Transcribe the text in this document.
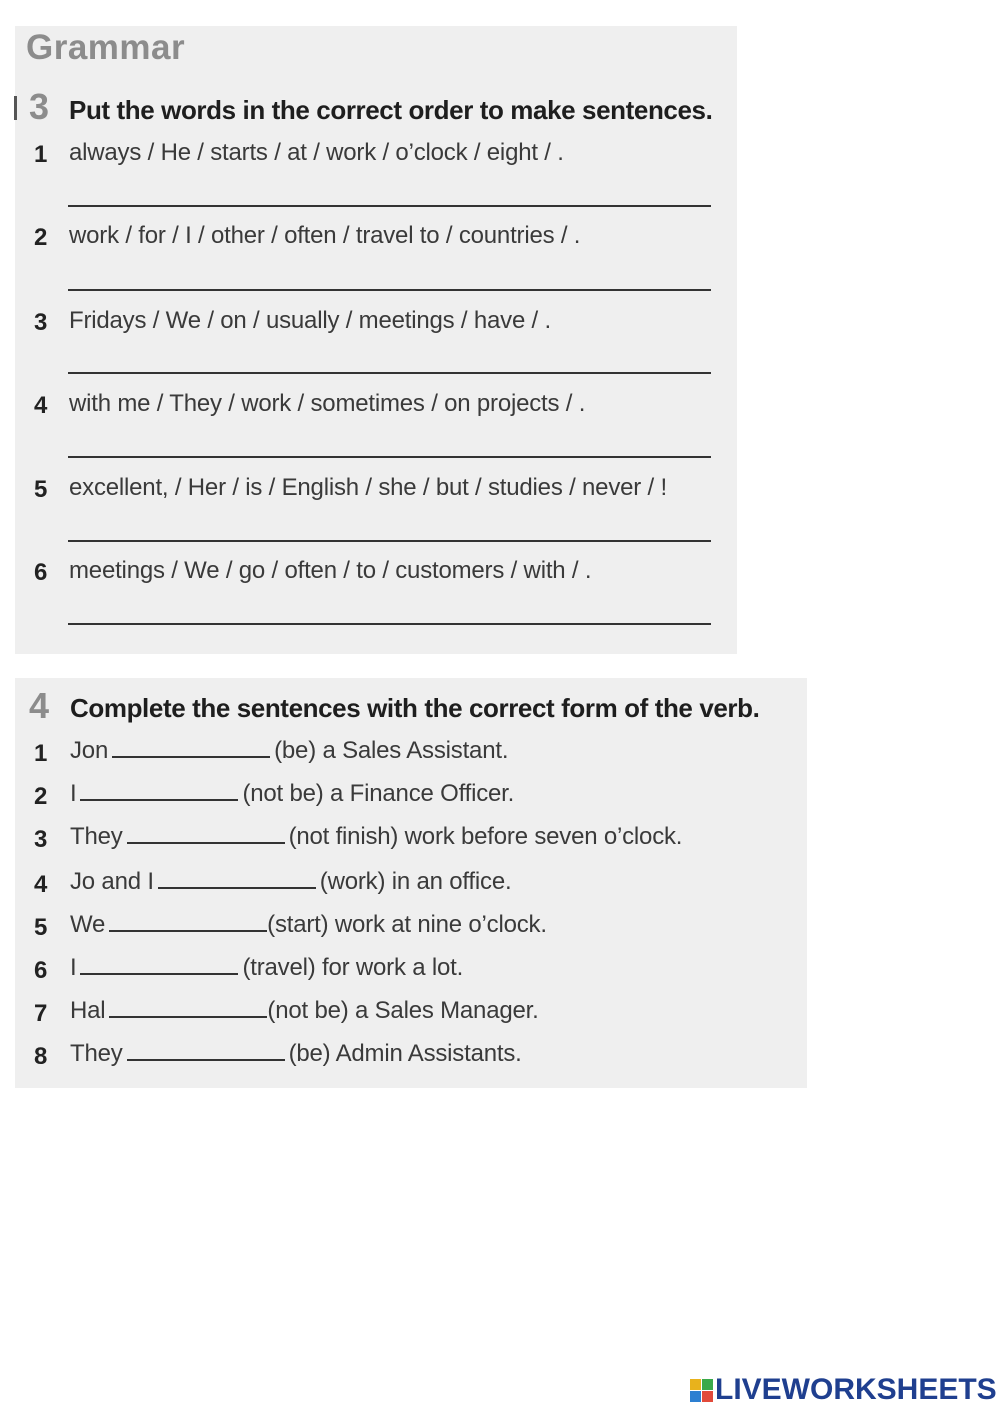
Grammar
3 Put the words in the correct order to make sentences.
1 always / He / starts / at / work / o’clock / eight / .
2 work / for / I / other / often / travel to / countries / .
3 Fridays / We / on / usually / meetings / have / .
4 with me / They / work / sometimes / on projects / .
5 excellent, / Her / is / English / she / but / studies / never / !
6 meetings / We / go / often / to / customers / with / .
4 Complete the sentences with the correct form of the verb.
1 Jon	(be) a Sales Assistant.
2 I	(not be) a Finance Officer.
3 They	(not finish) work before seven o’clock.
4 Jo and I	(work) in an office.
5 We	(start) work at nine o’clock.
6 I	(travel) for work a lot.
7 Hal	(not be) a Sales Manager.
8 They	(be) Admin Assistants.
LIVEWORKSHEETS
